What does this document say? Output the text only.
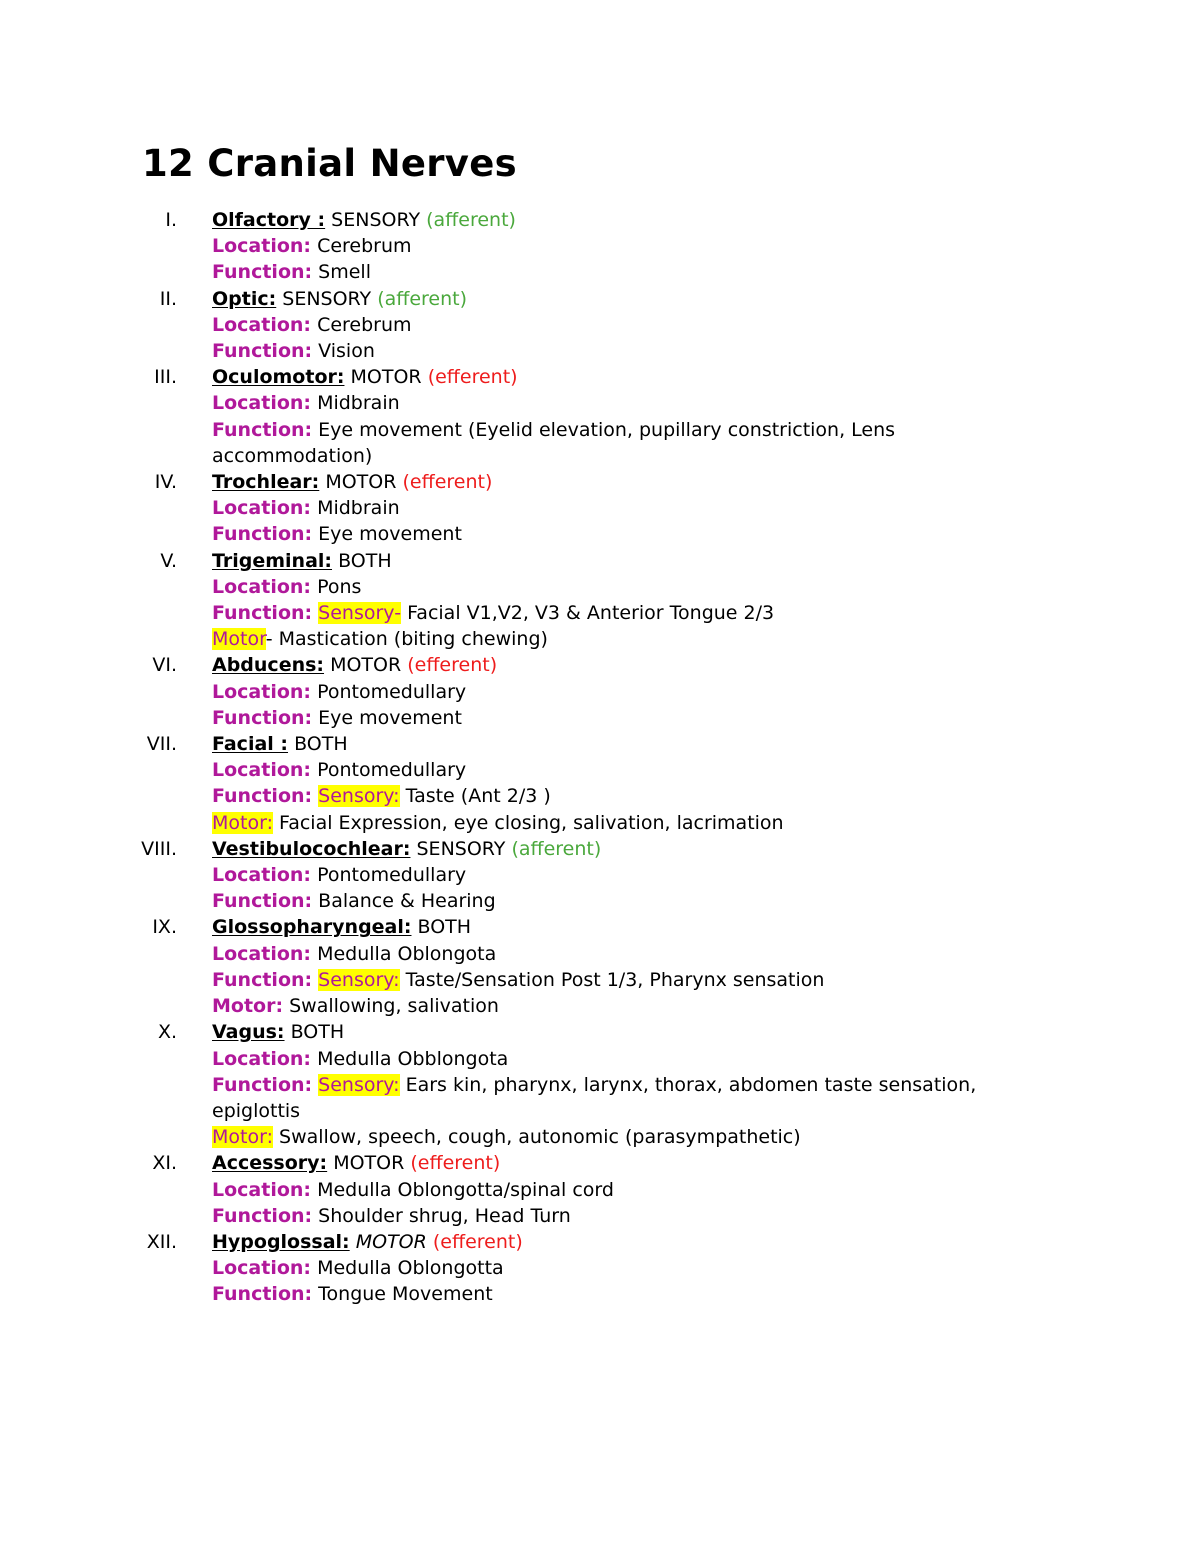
12 Cranial Nerves
I. Olfactory : SENSORY (afferent)
Location: Cerebrum
Function: Smell
II. Optic: SENSORY (afferent)
Location: Cerebrum
Function: Vision
III. Oculomotor: MOTOR (efferent)
Location: Midbrain
Function: Eye movement (Eyelid elevation, pupillary constriction, Lens accommodation)
IV. Trochlear: MOTOR (efferent)
Location: Midbrain
Function: Eye movement
V. Trigeminal: BOTH
Location: Pons
Function: Sensory- Facial V1,V2, V3 & Anterior Tongue 2/3
Motor- Mastication (biting chewing)
VI. Abducens: MOTOR (efferent)
Location: Pontomedullary
Function: Eye movement
VII. Facial : BOTH
Location: Pontomedullary
Function: Sensory: Taste (Ant 2/3 )
Motor: Facial Expression, eye closing, salivation, lacrimation
VIII. Vestibulocochlear: SENSORY (afferent)
Location: Pontomedullary
Function: Balance & Hearing
IX. Glossopharyngeal: BOTH
Location: Medulla Oblongota
Function: Sensory: Taste/Sensation Post 1/3, Pharynx sensation
Motor: Swallowing, salivation
X. Vagus: BOTH
Location: Medulla Obblongota
Function: Sensory: Ears kin, pharynx, larynx, thorax, abdomen taste sensation, epiglottis
Motor: Swallow, speech, cough, autonomic (parasympathetic)
XI. Accessory: MOTOR (efferent)
Location: Medulla Oblongotta/spinal cord
Function: Shoulder shrug, Head Turn
XII. Hypoglossal: MOTOR (efferent)
Location: Medulla Oblongotta
Function: Tongue Movement
